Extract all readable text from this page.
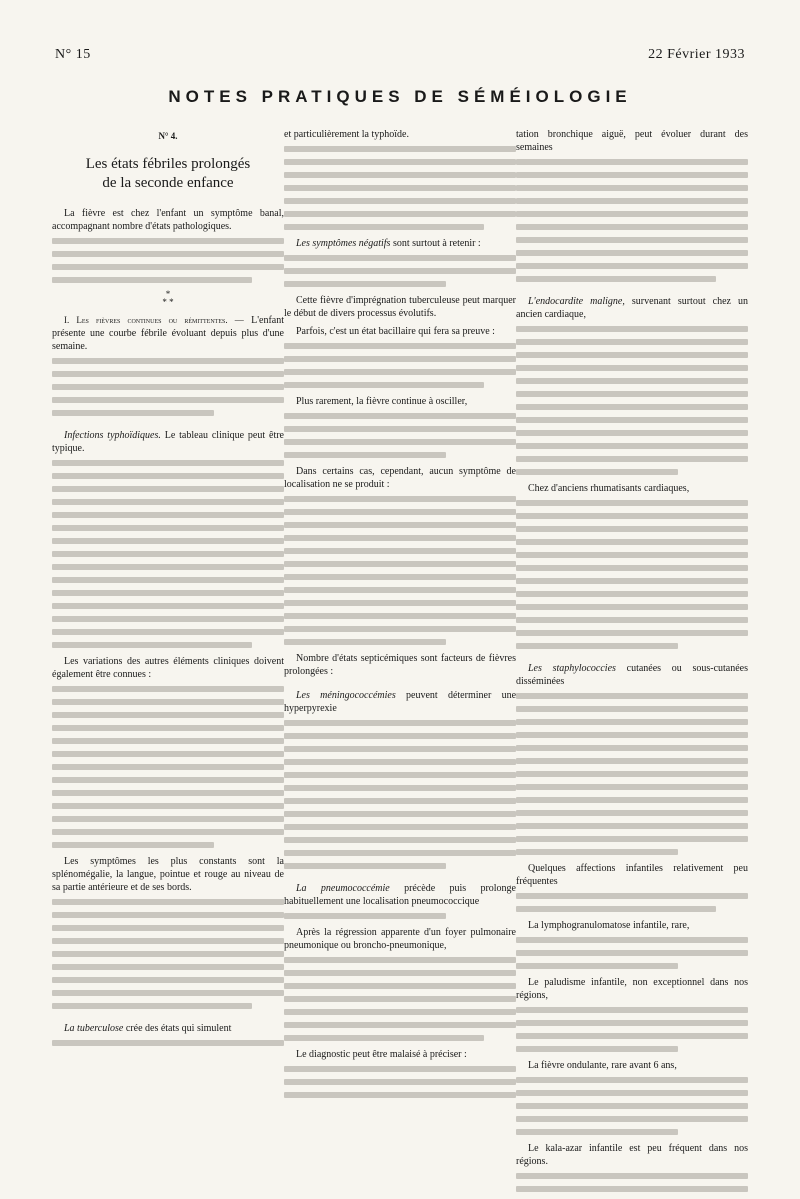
N° 15	22 Février 1933
NOTES PRATIQUES DE SÉMÉIOLOGIE
N° 4.
Les états fébriles prolongés
de la seconde enfance

La fièvre est chez l'enfant un symptôme banal, accompagnant nombre d'états pathologiques.

*
* *

I. Les fièvres continues ou rémittentes. — L'enfant présente une courbe fébrile évoluant depuis plus d'une semaine.

Infections typhoïdiques. Le tableau clinique peut être typique.

Les variations des autres éléments cliniques doivent également être connues :

Les symptômes les plus constants sont la splénomégalie, la langue, pointue et rouge au niveau de sa partie antérieure et de ses bords.

La tuberculose crée des états qui simulent

et particulièrement la typhoïde.

Les symptômes négatifs sont surtout à retenir :

Cette fièvre d'imprégnation tuberculeuse peut marquer le début de divers processus évolutifs.

Parfois, c'est un état bacillaire qui fera sa preuve :

Plus rarement, la fièvre continue à osciller,

Dans certains cas, cependant, aucun symptôme de localisation ne se produit :

Nombre d'états septicémiques sont facteurs de fièvres prolongées :

Les méningococcémies peuvent déterminer une hyperpyrexie

La pneumococcémie précède puis prolonge habituellement une localisation pneumococcique

Après la régression apparente d'un foyer pulmonaire pneumonique ou broncho-pneumonique,

Le diagnostic peut être malaisé à préciser :

tation bronchique aiguë, peut évoluer durant des semaines

L'endocardite maligne, survenant surtout chez un ancien cardiaque,

Chez d'anciens rhumatisants cardiaques,

Les staphylococcies cutanées ou sous-cutanées disséminées

Quelques affections infantiles relativement peu fréquentes

La lymphogranulomatose infantile, rare,

Le paludisme infantile, non exceptionnel dans nos régions,

La fièvre ondulante, rare avant 6 ans,

Le kala-azar infantile est peu fréquent dans nos régions.
